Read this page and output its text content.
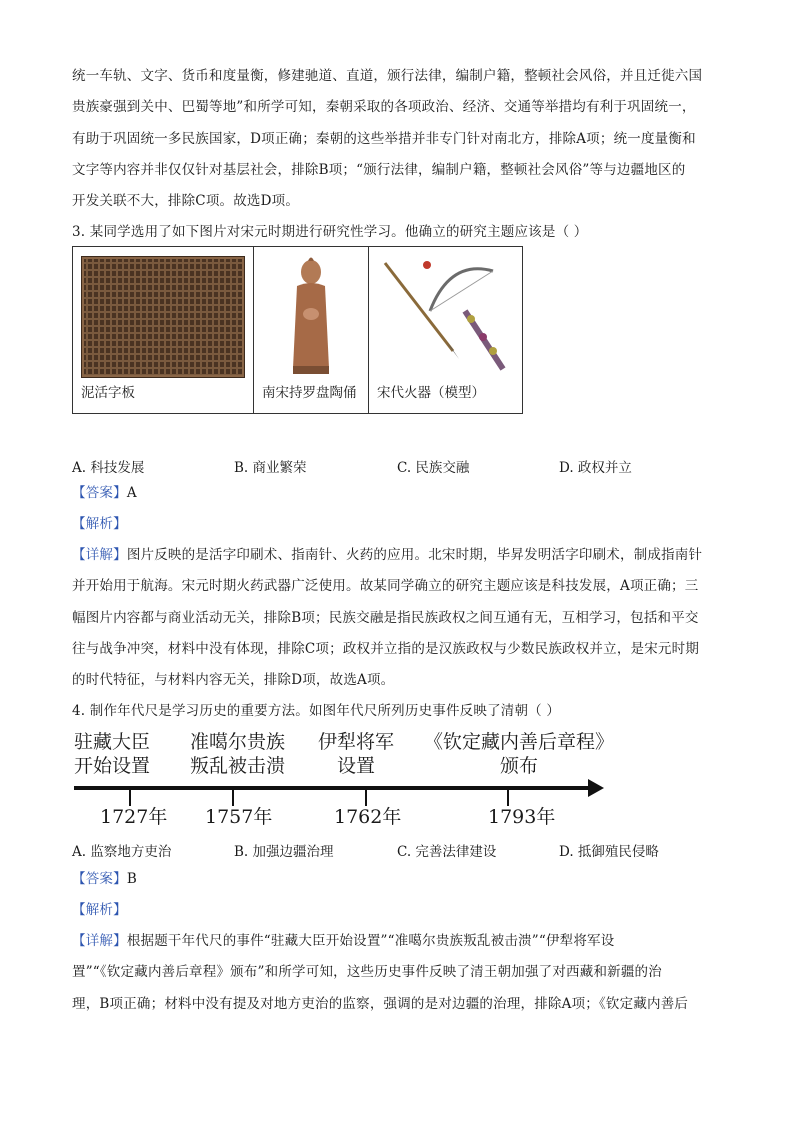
统一车轨、文字、货币和度量衡，修建驰道、直道，颁行法律，编制户籍，整顿社会风俗，并且迁徙六国
贵族豪强到关中、巴蜀等地”和所学可知，秦朝采取的各项政治、经济、交通等举措均有利于巩固统一，
有助于巩固统一多民族国家，D项正确；秦朝的这些举措并非专门针对南北方，排除A项；统一度量衡和
文字等内容并非仅仅针对基层社会，排除B项；“颁行法律，编制户籍，整顿社会风俗”等与边疆地区的
开发关联不大，排除C项。故选D项。
3. 某同学选用了如下图片对宋元时期进行研究性学习。他确立的研究主题应该是（ ）
泥活字板	南宋持罗盘陶俑 宋代火器（模型）
A. 科技发展	B. 商业繁荣	C. 民族交融	D. 政权并立
【答案】A
【解析】
【详解】图片反映的是活字印刷术、指南针、火药的应用。北宋时期，毕昇发明活字印刷术，制成指南针
并开始用于航海。宋元时期火药武器广泛使用。故某同学确立的研究主题应该是科技发展，A项正确；三
幅图片内容都与商业活动无关，排除B项；民族交融是指民族政权之间互通有无，互相学习，包括和平交
往与战争冲突，材料中没有体现，排除C项；政权并立指的是汉族政权与少数民族政权并立，是宋元时期
的时代特征，与材料内容无关，排除D项，故选A项。
4. 制作年代尺是学习历史的重要方法。如图年代尺所列历史事件反映了清朝（ ）
驻藏大臣
开始设置
准噶尔贵族
叛乱被击溃
伊犁将军
设置
《钦定藏内善后章程》
颁布
1727年 1757年	1762年	1793年
A. 监察地方吏治	B. 加强边疆治理	C. 完善法律建设	D. 抵御殖民侵略
【答案】B
【解析】
【详解】根据题干年代尺的事件“驻藏大臣开始设置”“准噶尔贵族叛乱被击溃”“伊犁将军设
置”“《钦定藏内善后章程》颁布”和所学可知，这些历史事件反映了清王朝加强了对西藏和新疆的治
理，B项正确；材料中没有提及对地方吏治的监察，强调的是对边疆的治理，排除A项；《钦定藏内善后
